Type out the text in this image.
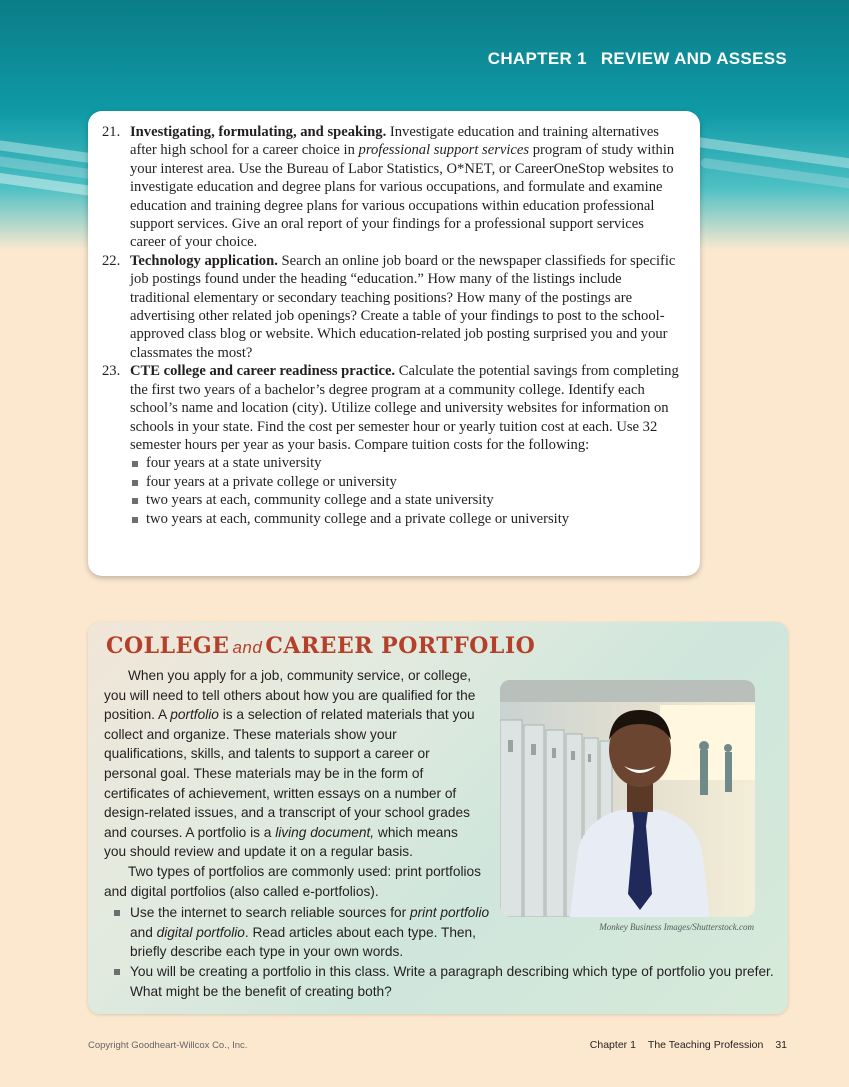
CHAPTER 1 REVIEW AND ASSESS

21. Investigating, formulating, and speaking. Investigate education and training alternatives after high school for a career choice in professional support services program of study within your interest area. Use the Bureau of Labor Statistics, O*NET, or CareerOneStop websites to investigate education and degree plans for various occupations, and formulate and examine education and training degree plans for various occupations within education professional support services. Give an oral report of your findings for a professional support services career of your choice.

22. Technology application. Search an online job board or the newspaper classifieds for specific job postings found under the heading “education.” How many of the listings include traditional elementary or secondary teaching positions? How many of the postings are advertising other related job openings? Create a table of your findings to post to the school-approved class blog or website. Which education-related job posting surprised you and your classmates the most?

23. CTE college and career readiness practice. Calculate the potential savings from completing the first two years of a bachelor’s degree program at a community college. Identify each school’s name and location (city). Utilize college and university websites for information on schools in your state. Find the cost per semester hour or yearly tuition cost at each. Use 32 semester hours per year as your basis. Compare tuition costs for the following:
four years at a state university
four years at a private college or university
two years at each, community college and a state university
two years at each, community college and a private college or university
COLLEGE and CAREER PORTFOLIO

When you apply for a job, community service, or college, you will need to tell others about how you are qualified for the position. A portfolio is a selection of related materials that you collect and organize. These materials show your qualifications, skills, and talents to support a career or personal goal. These materials may be in the form of certificates of achievement, written essays on a number of design-related issues, and a transcript of your school grades and courses. A portfolio is a living document, which means you should review and update it on a regular basis.

Two types of portfolios are commonly used: print portfolios and digital portfolios (also called e-portfolios).

Use the internet to search reliable sources for print portfolio and digital portfolio. Read articles about each type. Then, briefly describe each type in your own words.
You will be creating a portfolio in this class. Write a paragraph describing which type of portfolio you prefer. What might be the benefit of creating both?

Monkey Business Images/Shutterstock.com

Copyright Goodheart-Willcox Co., Inc.	Chapter 1 The Teaching Profession 31
